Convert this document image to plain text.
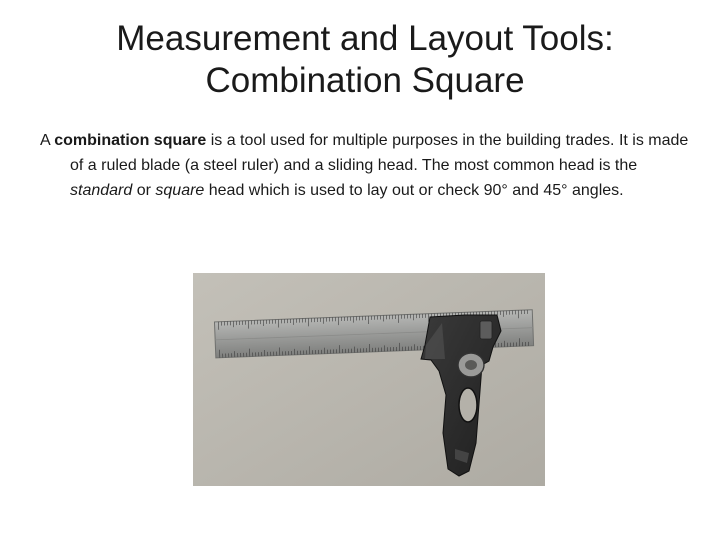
Measurement and Layout Tools:
Combination Square
A combination square is a tool used for multiple purposes in the building trades. It is made of a ruled blade (a steel ruler) and a sliding head. The most common head is the standard or square head which is used to lay out or check 90° and 45° angles.
